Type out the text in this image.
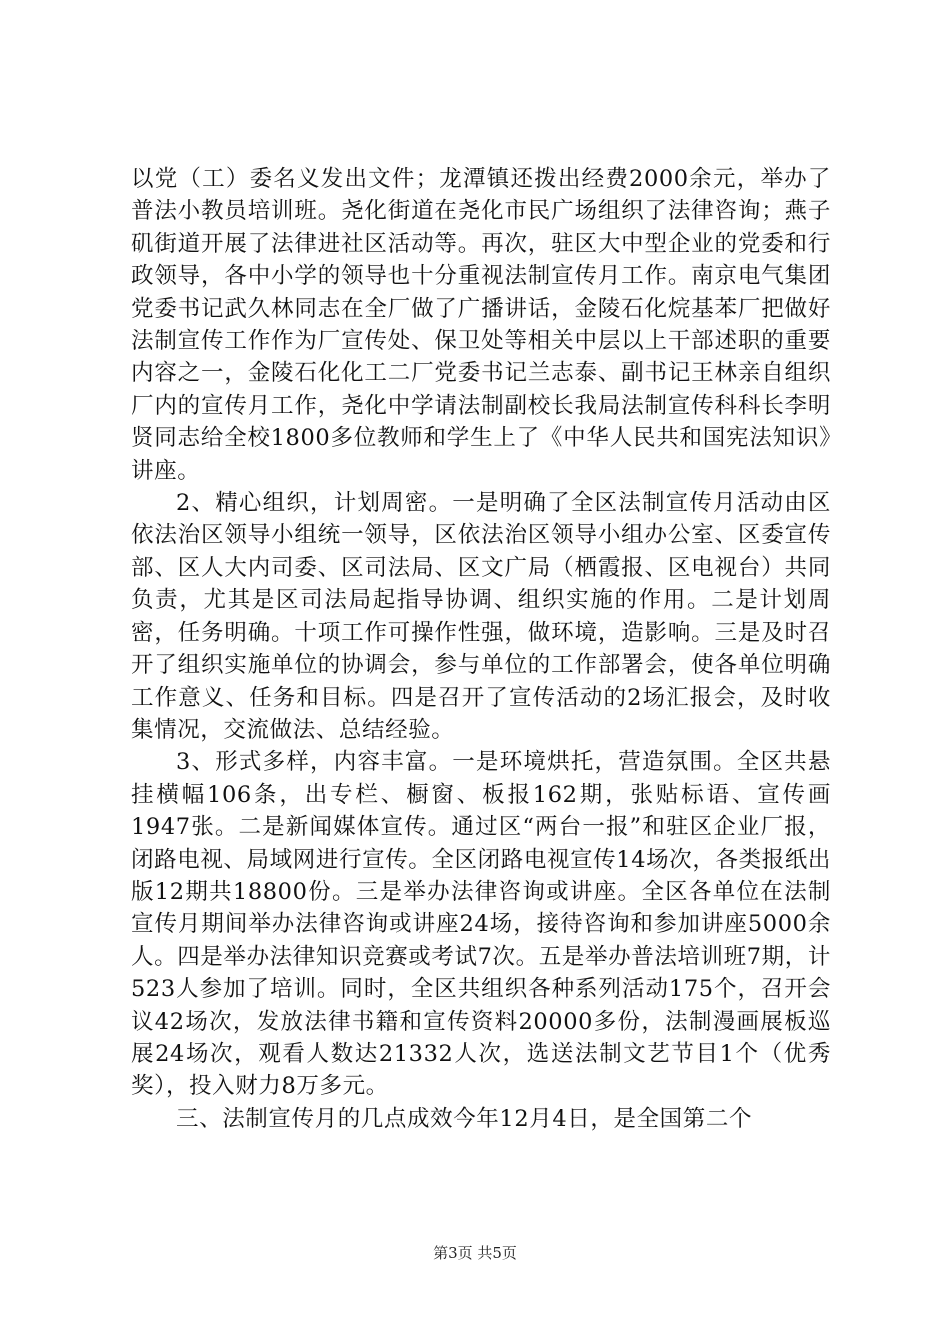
以党（工）委名义发出文件；龙潭镇还拨出经费2000余元，举办了普法小教员培训班。尧化街道在尧化市民广场组织了法律咨询；燕子矶街道开展了法律进社区活动等。再次，驻区大中型企业的党委和行政领导，各中小学的领导也十分重视法制宣传月工作。南京电气集团党委书记武久林同志在全厂做了广播讲话，金陵石化烷基苯厂把做好法制宣传工作作为厂宣传处、保卫处等相关中层以上干部述职的重要内容之一，金陵石化化工二厂党委书记兰志泰、副书记王林亲自组织厂内的宣传月工作，尧化中学请法制副校长我局法制宣传科科长李明贤同志给全校1800多位教师和学生上了《中华人民共和国宪法知识》讲座。

2、精心组织，计划周密。一是明确了全区法制宣传月活动由区依法治区领导小组统一领导，区依法治区领导小组办公室、区委宣传部、区人大内司委、区司法局、区文广局（栖霞报、区电视台）共同负责，尤其是区司法局起指导协调、组织实施的作用。二是计划周密，任务明确。十项工作可操作性强，做环境，造影响。三是及时召开了组织实施单位的协调会，参与单位的工作部署会，使各单位明确工作意义、任务和目标。四是召开了宣传活动的2场汇报会，及时收集情况，交流做法、总结经验。

3、形式多样，内容丰富。一是环境烘托，营造氛围。全区共悬挂横幅106条，出专栏、橱窗、板报162期，张贴标语、宣传画1947张。二是新闻媒体宣传。通过区“两台一报”和驻区企业厂报，闭路电视、局域网进行宣传。全区闭路电视宣传14场次，各类报纸出版12期共18800份。三是举办法律咨询或讲座。全区各单位在法制宣传月期间举办法律咨询或讲座24场，接待咨询和参加讲座5000余人。四是举办法律知识竞赛或考试7次。五是举办普法培训班7期，计523人参加了培训。同时，全区共组织各种系列活动175个，召开会议42场次，发放法律书籍和宣传资料20000多份，法制漫画展板巡展24场次，观看人数达21332人次，选送法制文艺节目1个（优秀奖），投入财力8万多元。

三、法制宣传月的几点成效今年12月4日，是全国第二个

第3页 共5页
